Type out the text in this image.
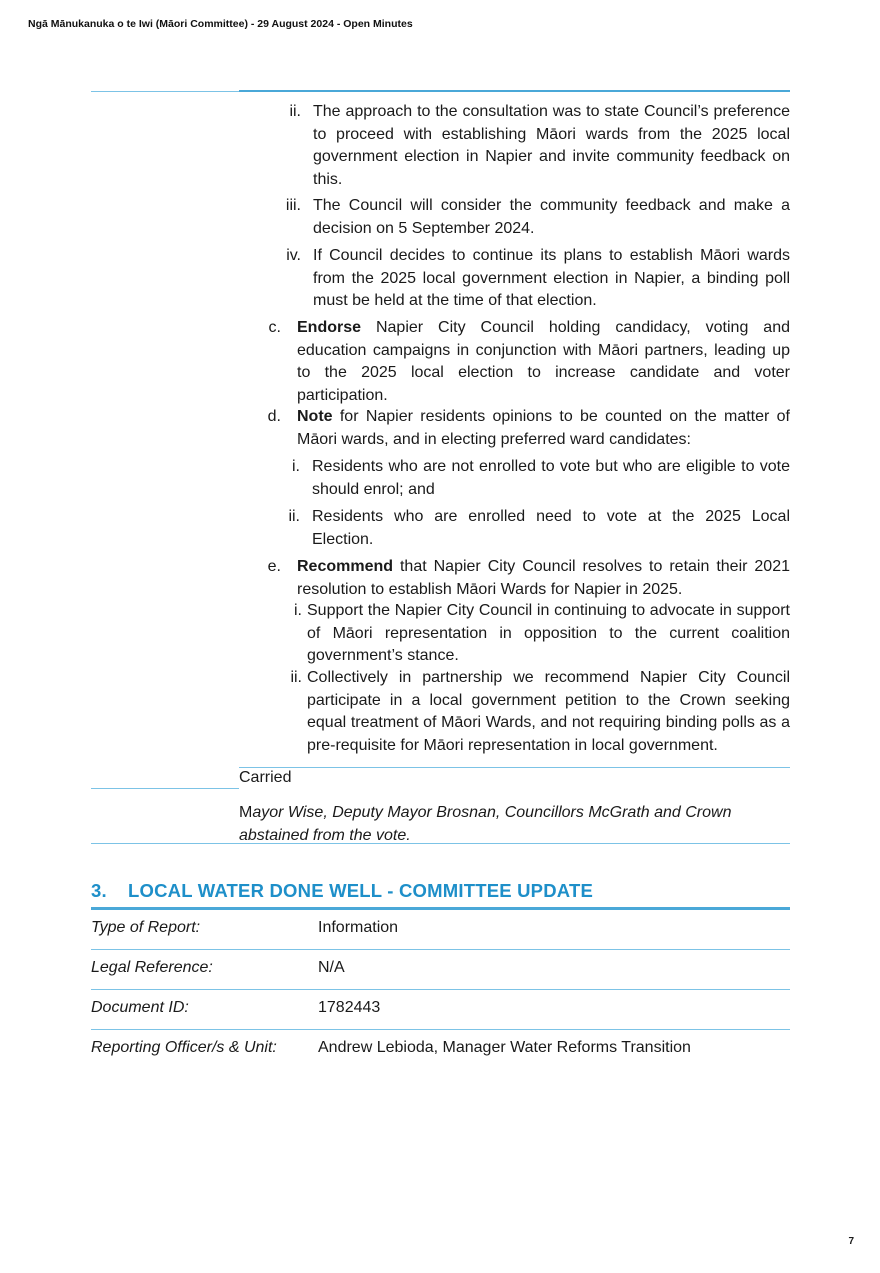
Ngā Mānukanuka o te Iwi (Māori Committee) - 29 August 2024 - Open Minutes
ii. The approach to the consultation was to state Council’s preference to proceed with establishing Māori wards from the 2025 local government election in Napier and invite community feedback on this.
iii. The Council will consider the community feedback and make a decision on 5 September 2024.
iv. If Council decides to continue its plans to establish Māori wards from the 2025 local government election in Napier, a binding poll must be held at the time of that election.
c. Endorse Napier City Council holding candidacy, voting and education campaigns in conjunction with Māori partners, leading up to the 2025 local election to increase candidate and voter participation.
d. Note for Napier residents opinions to be counted on the matter of Māori wards, and in electing preferred ward candidates:
i. Residents who are not enrolled to vote but who are eligible to vote should enrol; and
ii. Residents who are enrolled need to vote at the 2025 Local Election.
e. Recommend that Napier City Council resolves to retain their 2021 resolution to establish Māori Wards for Napier in 2025.
i. Support the Napier City Council in continuing to advocate in support of Māori representation in opposition to the current coalition government’s stance.
ii. Collectively in partnership we recommend Napier City Council participate in a local government petition to the Crown seeking equal treatment of Māori Wards, and not requiring binding polls as a pre-requisite for Māori representation in local government.
Carried
Mayor Wise, Deputy Mayor Brosnan, Councillors McGrath and Crown abstained from the vote.
3. LOCAL WATER DONE WELL - COMMITTEE UPDATE
Type of Report:	Information
Legal Reference:	N/A
Document ID:	1782443
Reporting Officer/s & Unit:	Andrew Lebioda, Manager Water Reforms Transition
7
